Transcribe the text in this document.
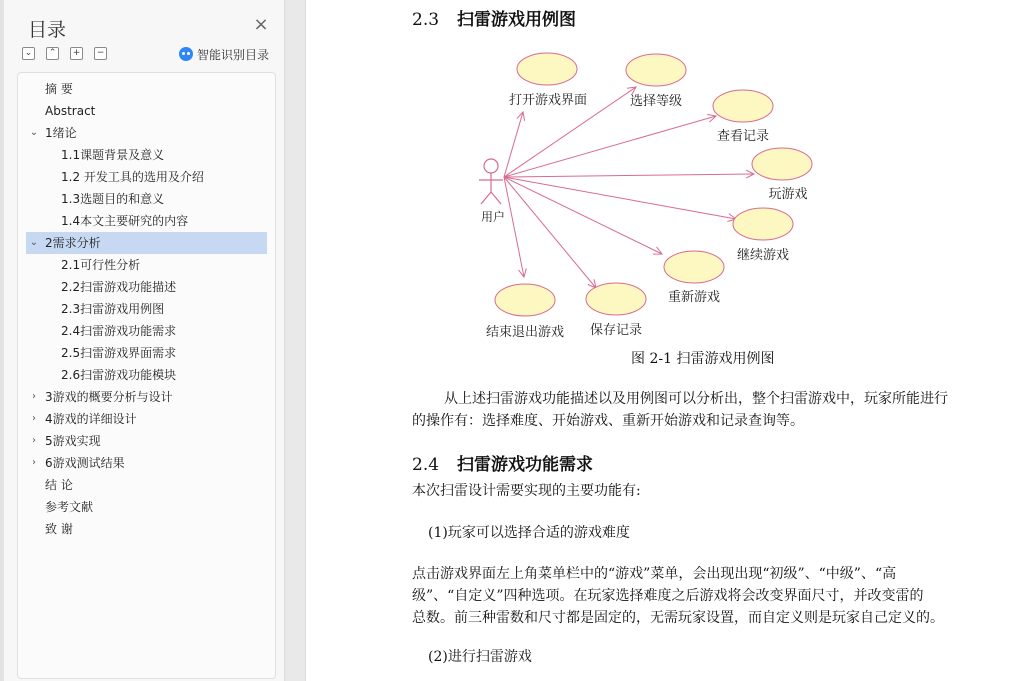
目录	×
⌄	⌃	+	−	智能识别目录
摘 要
Abstract
⌄ 1绪论
1.1课题背景及意义
1.2 开发工具的选用及介绍
1.3选题目的和意义
1.4本文主要研究的内容
⌄ 2需求分析
2.1可行性分析
2.2扫雷游戏功能描述
2.3扫雷游戏用例图
2.4扫雷游戏功能需求
2.5扫雷游戏界面需求
2.6扫雷游戏功能模块
› 3游戏的概要分析与设计
› 4游戏的详细设计
› 5游戏实现
› 6游戏测试结果
结 论
参考文献
致 谢
2.3 扫雷游戏用例图
用户
打开游戏界面	选择等级
查看记录
玩游戏
继续游戏
重新游戏
保存记录
结束退出游戏
图 2-1 扫雷游戏用例图
从上述扫雷游戏功能描述以及用例图可以分析出，整个扫雷游戏中，玩家所能进行
的操作有：选择难度、开始游戏、重新开始游戏和记录查询等。
2.4 扫雷游戏功能需求
本次扫雷设计需要实现的主要功能有:
(1)玩家可以选择合适的游戏难度
点击游戏界面左上角菜单栏中的“游戏”菜单，会出现出现“初级”、“中级”、“高
级”、“自定义”四种选项。在玩家选择难度之后游戏将会改变界面尺寸，并改变雷的
总数。前三种雷数和尺寸都是固定的，无需玩家设置，而自定义则是玩家自己定义的。
(2)进行扫雷游戏
